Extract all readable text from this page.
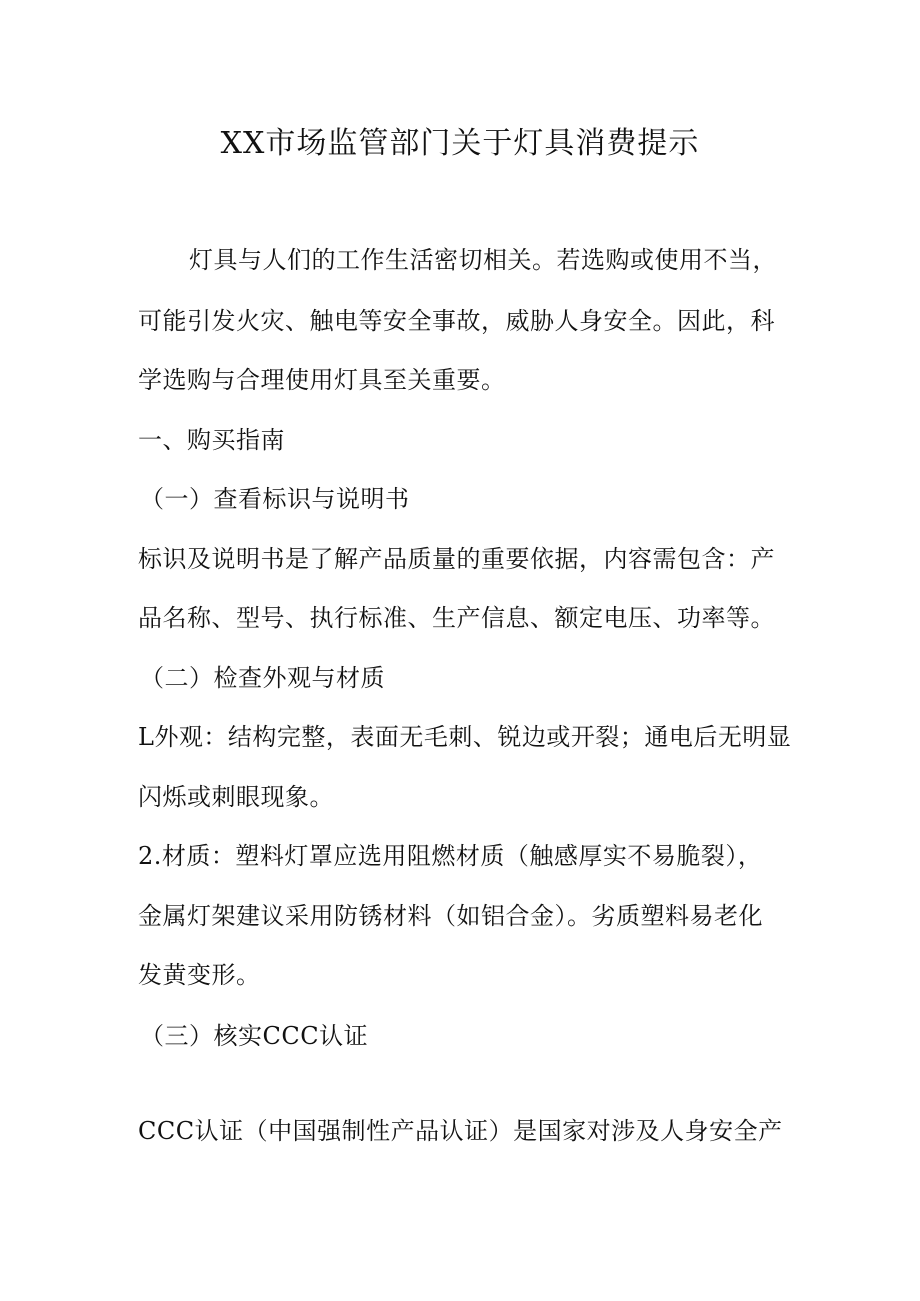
XX市场监管部门关于灯具消费提示
灯具与人们的工作生活密切相关。若选购或使用不当，
可能引发火灾、触电等安全事故，威胁人身安全。因此，科
学选购与合理使用灯具至关重要。
一、购买指南
（一）查看标识与说明书
标识及说明书是了解产品质量的重要依据，内容需包含：产
品名称、型号、执行标准、生产信息、额定电压、功率等。
（二）检查外观与材质
L外观：结构完整，表面无毛刺、锐边或开裂；通电后无明显
闪烁或刺眼现象。
2.材质：塑料灯罩应选用阻燃材质（触感厚实不易脆裂），
金属灯架建议采用防锈材料（如铝合金）。劣质塑料易老化
发黄变形。
（三）核实CCC认证
CCC认证（中国强制性产品认证）是国家对涉及人身安全产
